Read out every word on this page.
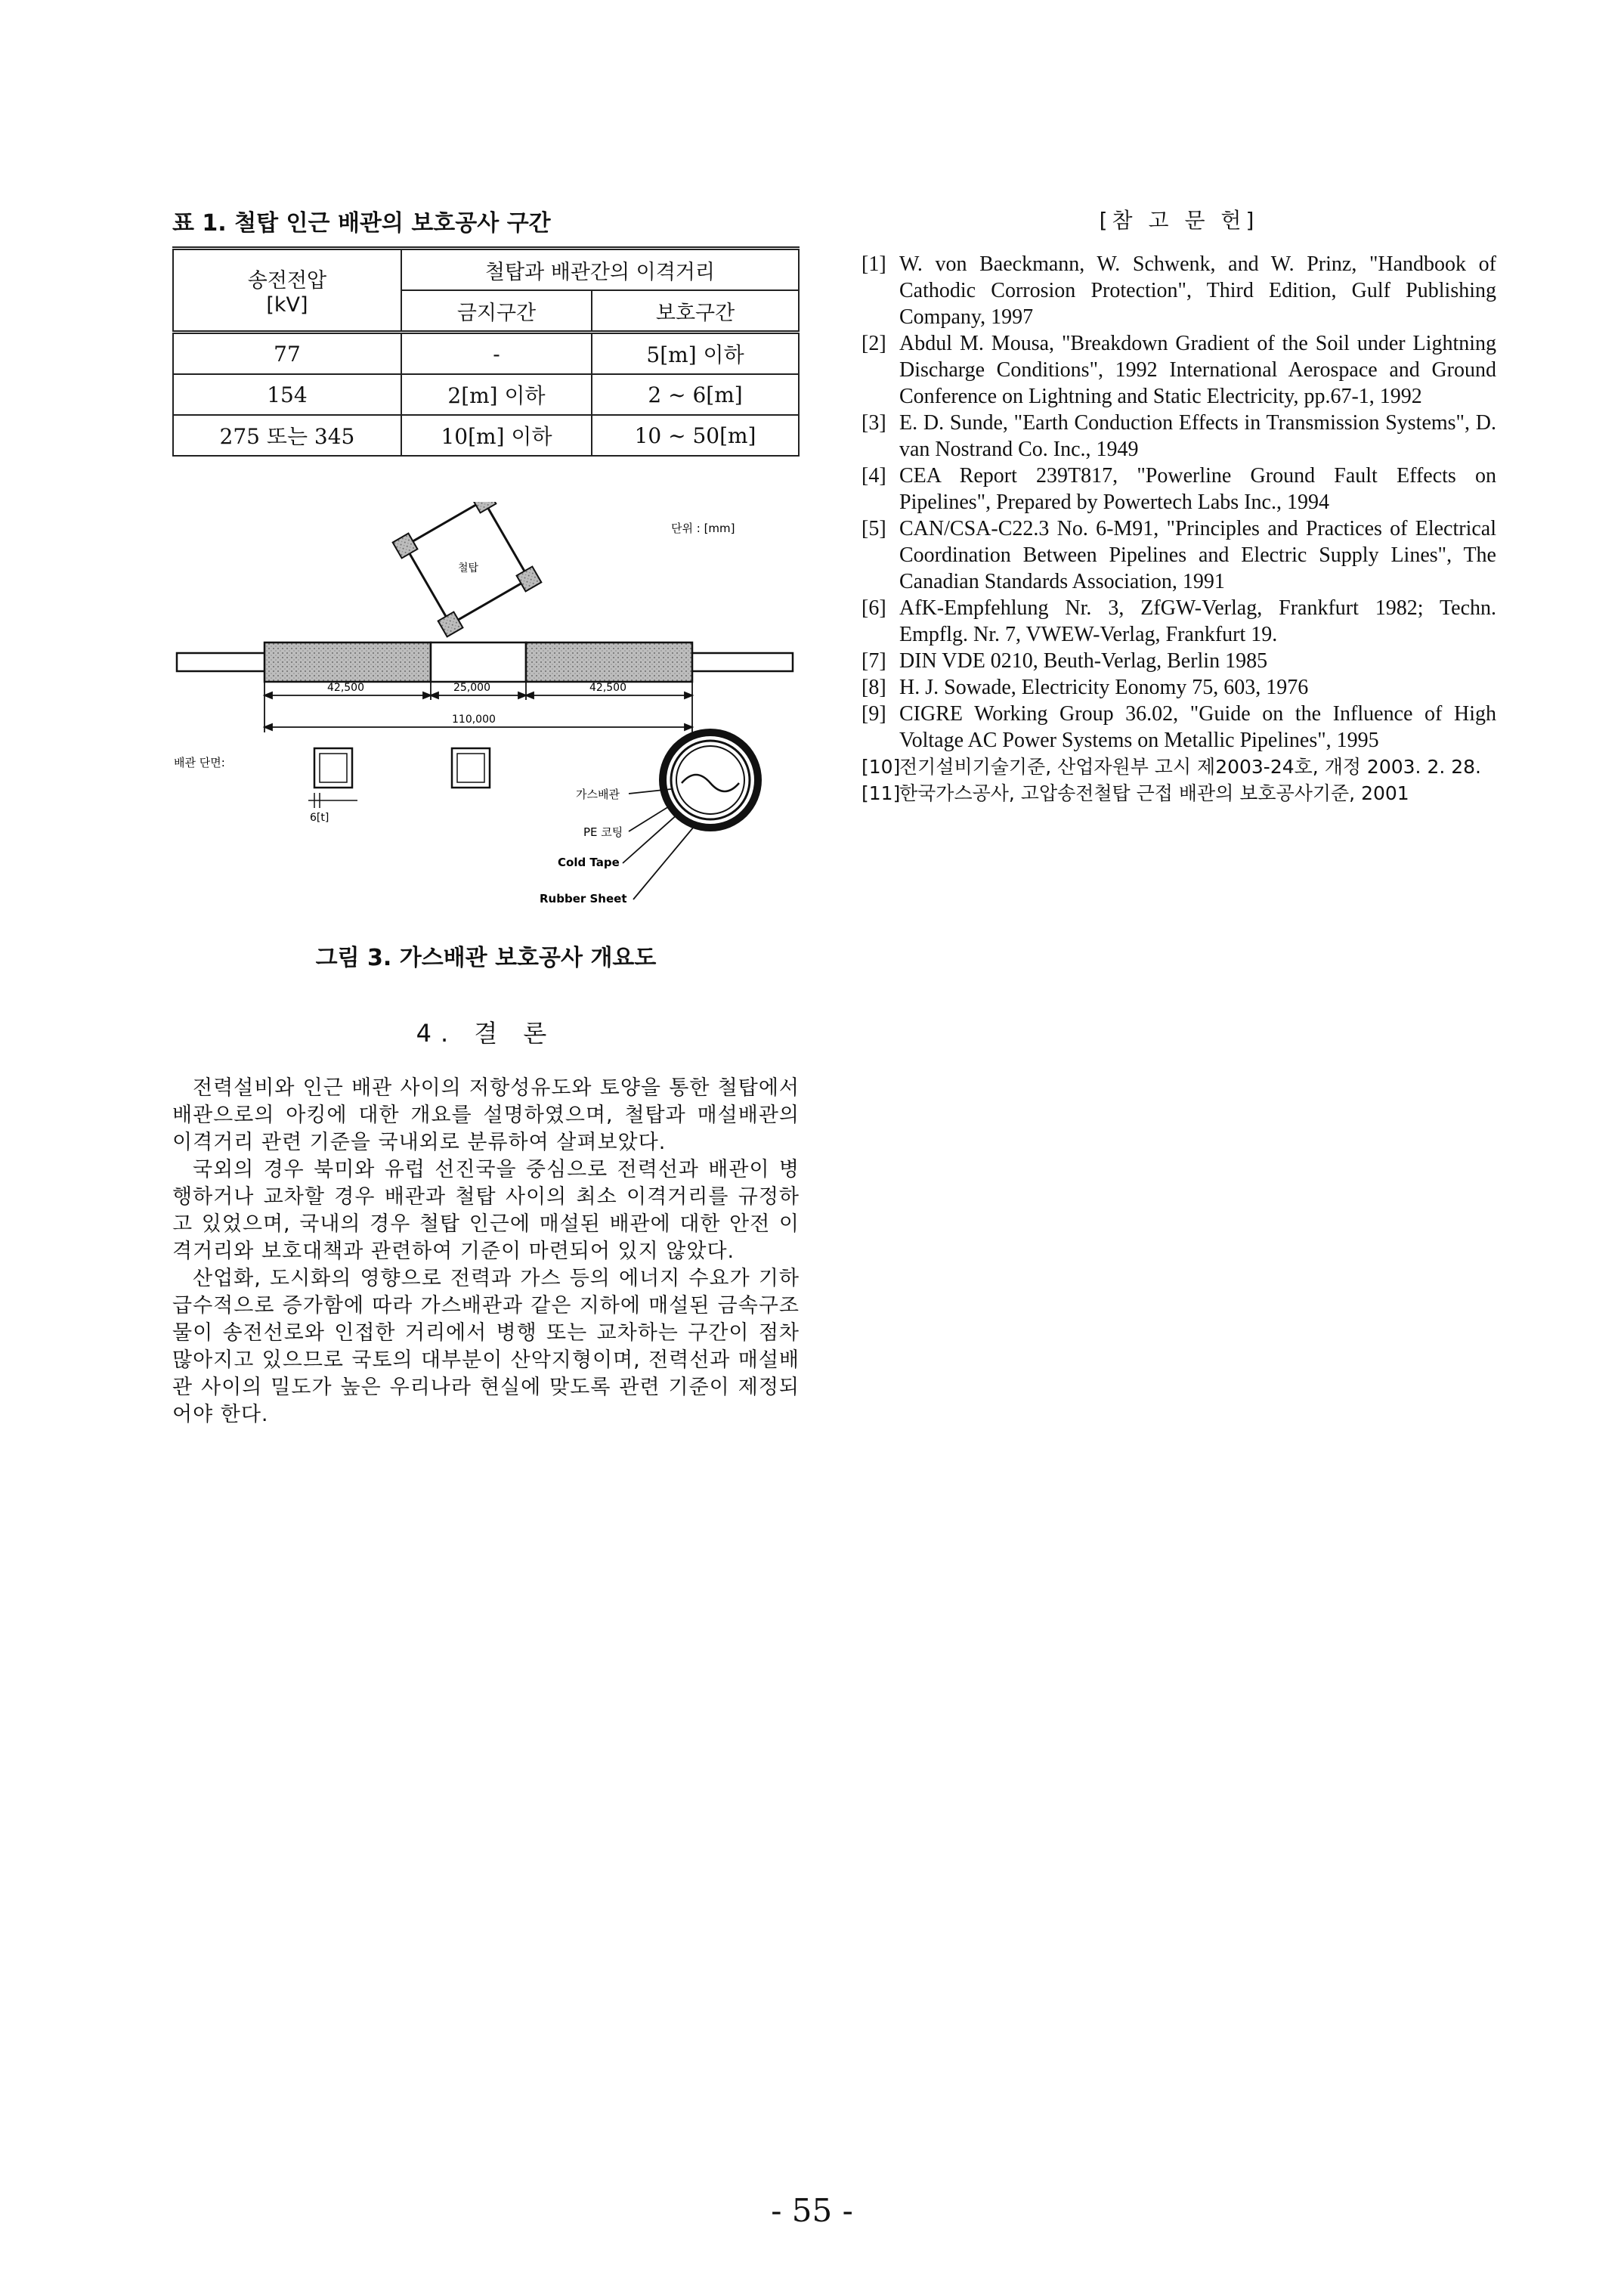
표 1. 철탑 인근 배관의 보호공사 구간
송전전압
[kV]	철탑과 배관간의 이격거리	
	금지구간	보호구간
77	-	5[m] 이하
154	2[m] 이하	2 ~ 6[m]
275 또는 345	10[m] 이하	10 ~ 50[m]
철탑
단위 : [mm]
42,500	25,000	42,500
110,000
배관 단면:
6[t]
가스배관
PE 코팅
Cold Tape
Rubber Sheet
그림 3. 가스배관 보호공사 개요도
4. 결 론

전력설비와 인근 배관 사이의 저항성유도와 토양을 통한 철탑에서 배관으로의 아킹에 대한 개요를 설명하였으며, 철탑과 매설배관의 이격거리 관련 기준을 국내외로 분류하여 살펴보았다.

국외의 경우 북미와 유럽 선진국을 중심으로 전력선과 배관이 병행하거나 교차할 경우 배관과 철탑 사이의 최소 이격거리를 규정하고 있었으며, 국내의 경우 철탑 인근에 매설된 배관에 대한 안전 이격거리와 보호대책과 관련하여 기준이 마련되어 있지 않았다.

산업화, 도시화의 영향으로 전력과 가스 등의 에너지 수요가 기하급수적으로 증가함에 따라 가스배관과 같은 지하에 매설된 금속구조물이 송전선로와 인접한 거리에서 병행 또는 교차하는 구간이 점차 많아지고 있으므로 국토의 대부분이 산악지형이며, 전력선과 매설배관 사이의 밀도가 높은 우리나라 현실에 맞도록 관련 기준이 제정되어야 한다.

[참 고 문 헌]
[1] W. von Baeckmann, W. Schwenk, and W. Prinz, "Handbook of Cathodic Corrosion Protection", Third Edition, Gulf Publishing Company, 1997
[2] Abdul M. Mousa, "Breakdown Gradient of the Soil under Lightning Discharge Conditions", 1992 International Aerospace and Ground Conference on Lightning and Static Electricity, pp.67-1, 1992
[3] E. D. Sunde, "Earth Conduction Effects in Transmission Systems", D. van Nostrand Co. Inc., 1949
[4] CEA Report 239T817, "Powerline Ground Fault Effects on Pipelines", Prepared by Powertech Labs Inc., 1994
[5] CAN/CSA-C22.3 No. 6-M91, "Principles and Practices of Electrical Coordination Between Pipelines and Electric Supply Lines", The Canadian Standards Association, 1991
[6] AfK-Empfehlung Nr. 3, ZfGW-Verlag, Frankfurt 1982; Techn. Empflg. Nr. 7, VWEW-Verlag, Frankfurt 19.
[7] DIN VDE 0210, Beuth-Verlag, Berlin 1985
[8] H. J. Sowade, Electricity Eonomy 75, 603, 1976
[9] CIGRE Working Group 36.02, "Guide on the Influence of High Voltage AC Power Systems on Metallic Pipelines", 1995
[10]
전기설비기술기준, 산업자원부 고시 제2003-24호, 개정 2003. 2. 28.
[11]
한국가스공사, 고압송전철탑 근접 배관의 보호공사기준, 2001
- 55 -
